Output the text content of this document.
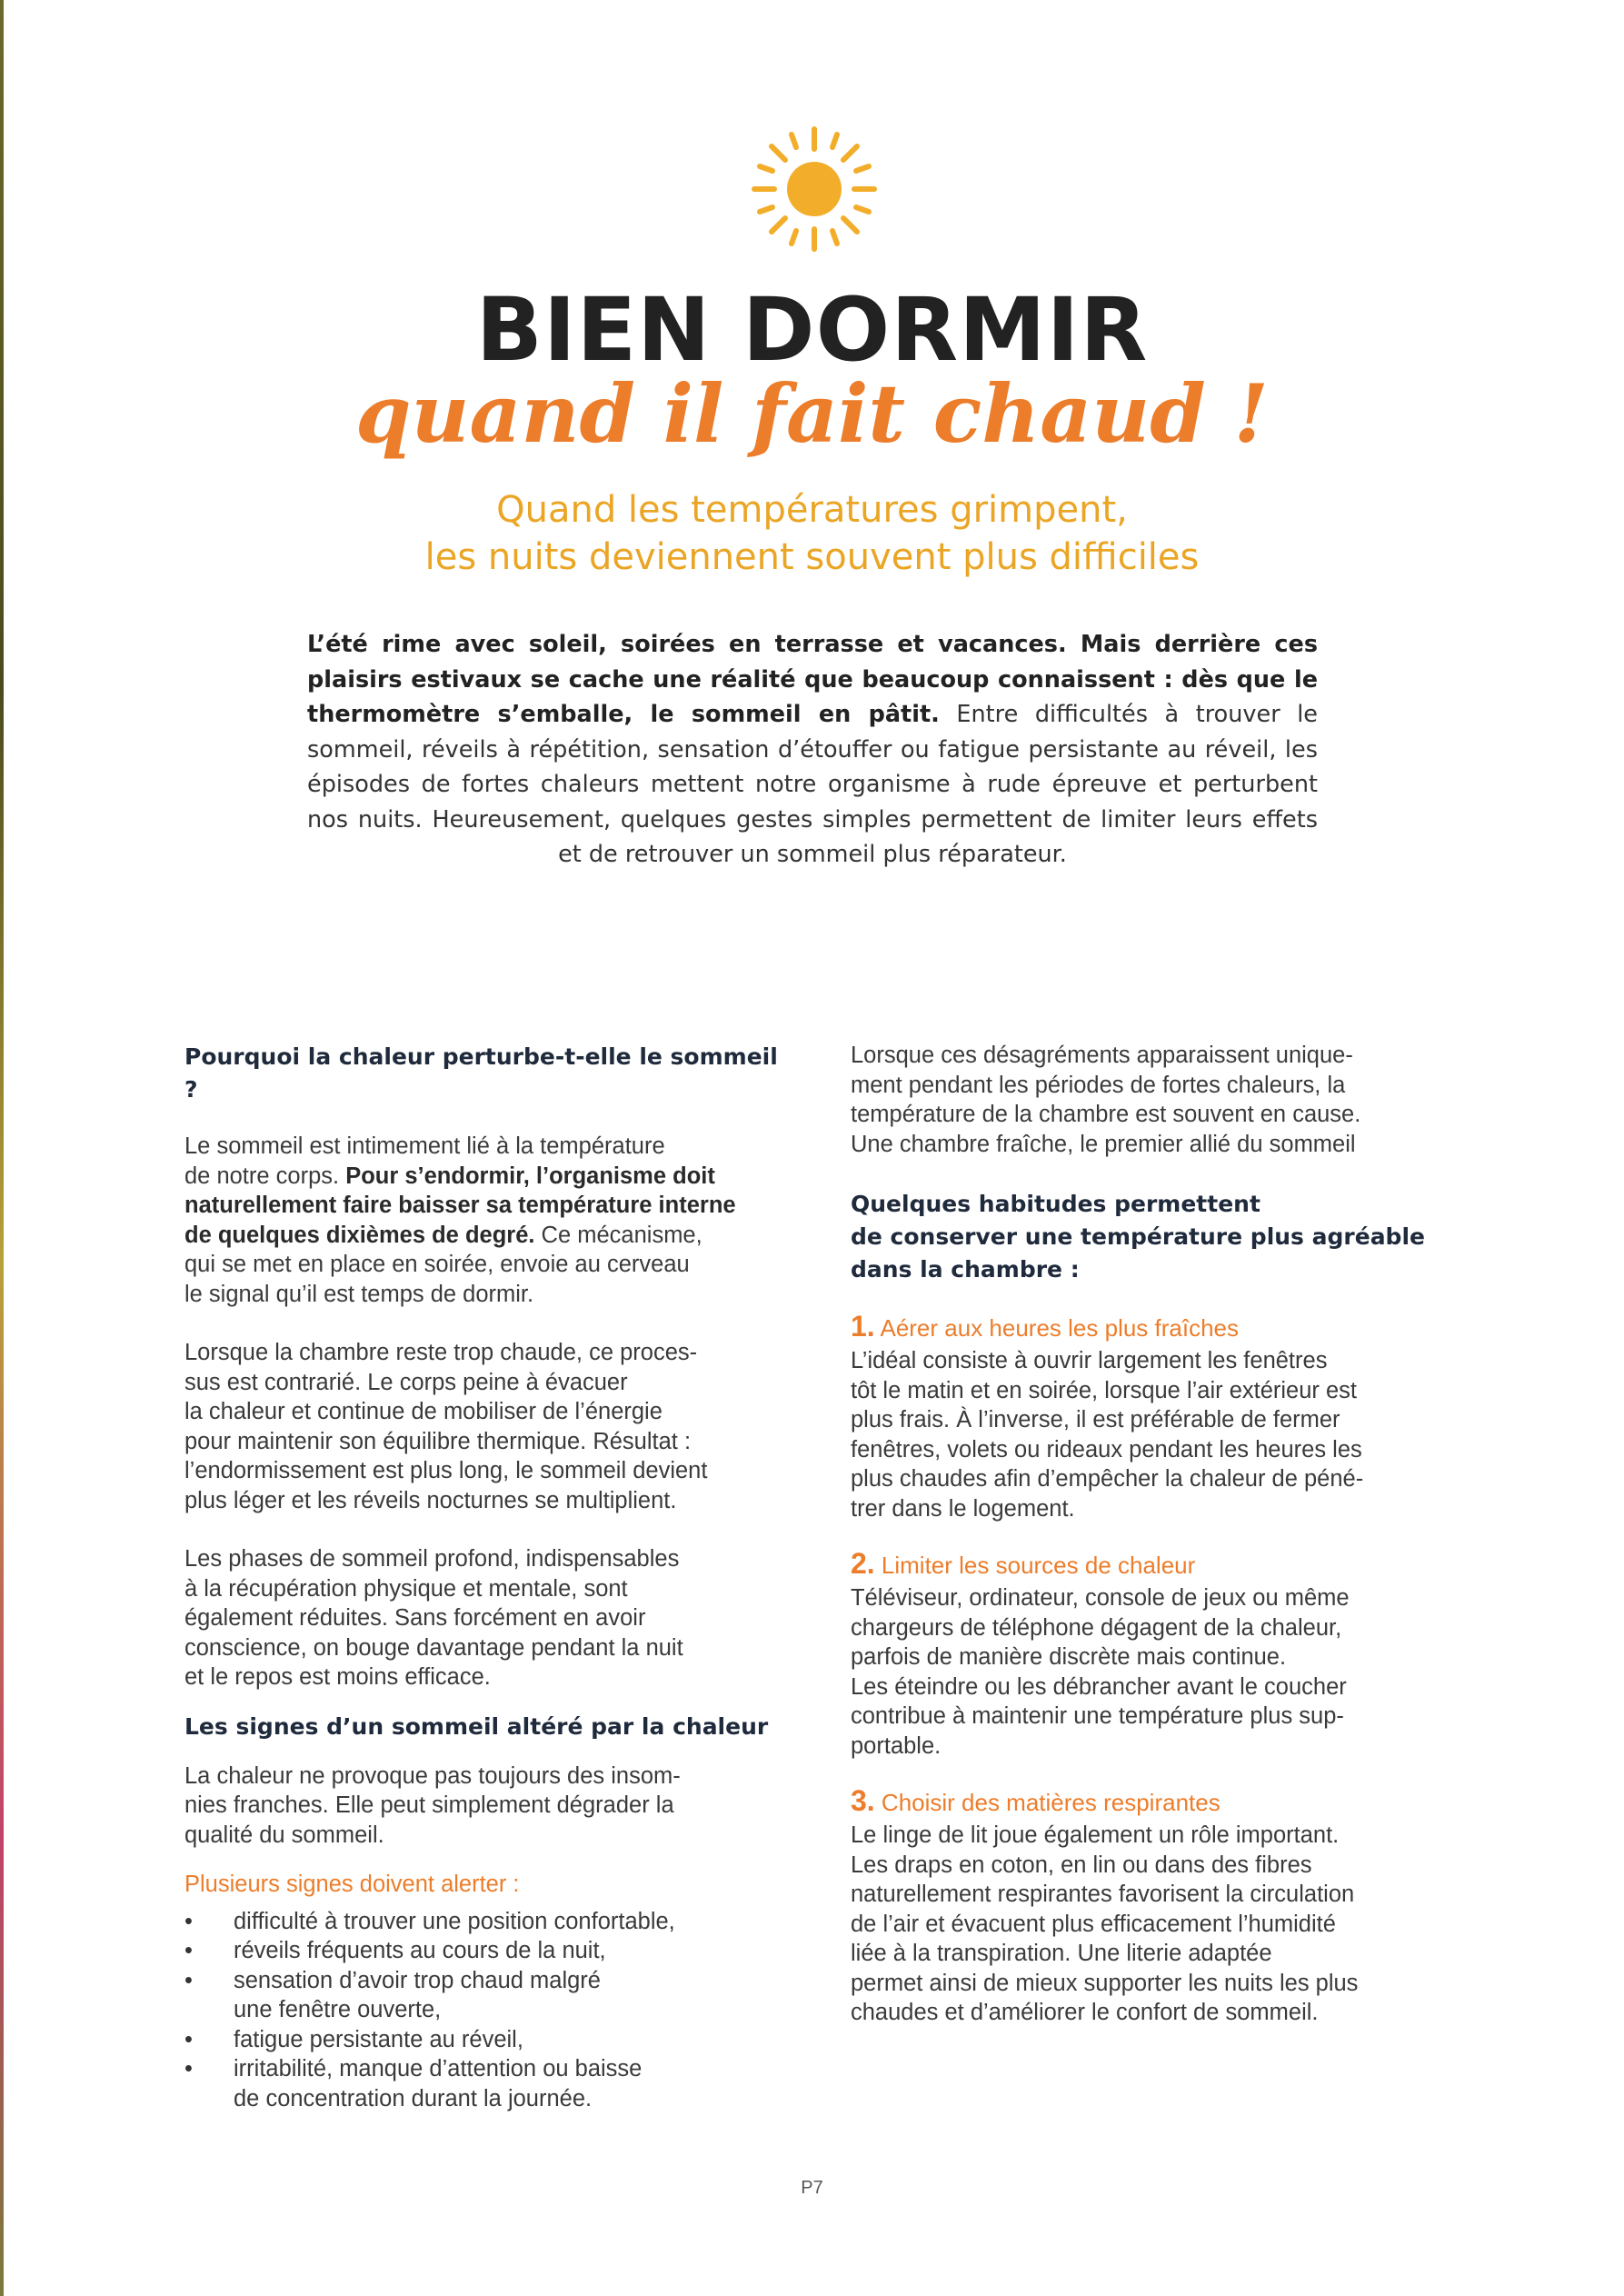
BIEN DORMIR
quand il fait chaud !
Quand les températures grimpent,
les nuits deviennent souvent plus difficiles
L’été rime avec soleil, soirées en terrasse et vacances. Mais derrière ces plaisirs estivaux se cache une réalité que beaucoup connaissent : dès que le thermomètre s’emballe, le sommeil en pâtit. Entre difficultés à trouver le sommeil, réveils à répétition, sensation d’étouffer ou fatigue persistante au réveil, les épisodes de fortes chaleurs mettent notre organisme à rude épreuve et perturbent nos nuits. Heureusement, quelques gestes simples permettent de limiter leurs effets et de retrouver un sommeil plus réparateur.
Pourquoi la chaleur perturbe-t-elle le sommeil ?

Le sommeil est intimement lié à la température
de notre corps. Pour s’endormir, l’organisme doit
naturellement faire baisser sa température interne
de quelques dixièmes de degré. Ce mécanisme,
qui se met en place en soirée, envoie au cerveau
le signal qu’il est temps de dormir.

Lorsque la chambre reste trop chaude, ce proces-
sus est contrarié. Le corps peine à évacuer
la chaleur et continue de mobiliser de l’énergie
pour maintenir son équilibre thermique. Résultat :
l’endormissement est plus long, le sommeil devient
plus léger et les réveils nocturnes se multiplient.

Les phases de sommeil profond, indispensables
à la récupération physique et mentale, sont
également réduites. Sans forcément en avoir
conscience, on bouge davantage pendant la nuit
et le repos est moins efficace.

Les signes d’un sommeil altéré par la chaleur

La chaleur ne provoque pas toujours des insom-
nies franches. Elle peut simplement dégrader la
qualité du sommeil.

Plusieurs signes doivent alerter :

• difficulté à trouver une position confortable,
• réveils fréquents au cours de la nuit,
• sensation d’avoir trop chaud malgré
une fenêtre ouverte,
• fatigue persistante au réveil,
• irritabilité, manque d’attention ou baisse
de concentration durant la journée.

Lorsque ces désagréments apparaissent unique-
ment pendant les périodes de fortes chaleurs, la
température de la chambre est souvent en cause.
Une chambre fraîche, le premier allié du sommeil

Quelques habitudes permettent
de conserver une température plus agréable
dans la chambre :

1. Aérer aux heures les plus fraîches

L’idéal consiste à ouvrir largement les fenêtres
tôt le matin et en soirée, lorsque l’air extérieur est
plus frais. À l’inverse, il est préférable de fermer
fenêtres, volets ou rideaux pendant les heures les
plus chaudes afin d’empêcher la chaleur de péné-
trer dans le logement.

2. Limiter les sources de chaleur

Téléviseur, ordinateur, console de jeux ou même
chargeurs de téléphone dégagent de la chaleur,
parfois de manière discrète mais continue.
Les éteindre ou les débrancher avant le coucher
contribue à maintenir une température plus sup-
portable.

3. Choisir des matières respirantes

Le linge de lit joue également un rôle important.
Les draps en coton, en lin ou dans des fibres
naturellement respirantes favorisent la circulation
de l’air et évacuent plus efficacement l’humidité
liée à la transpiration. Une literie adaptée
permet ainsi de mieux supporter les nuits les plus
chaudes et d’améliorer le confort de sommeil.

P7
